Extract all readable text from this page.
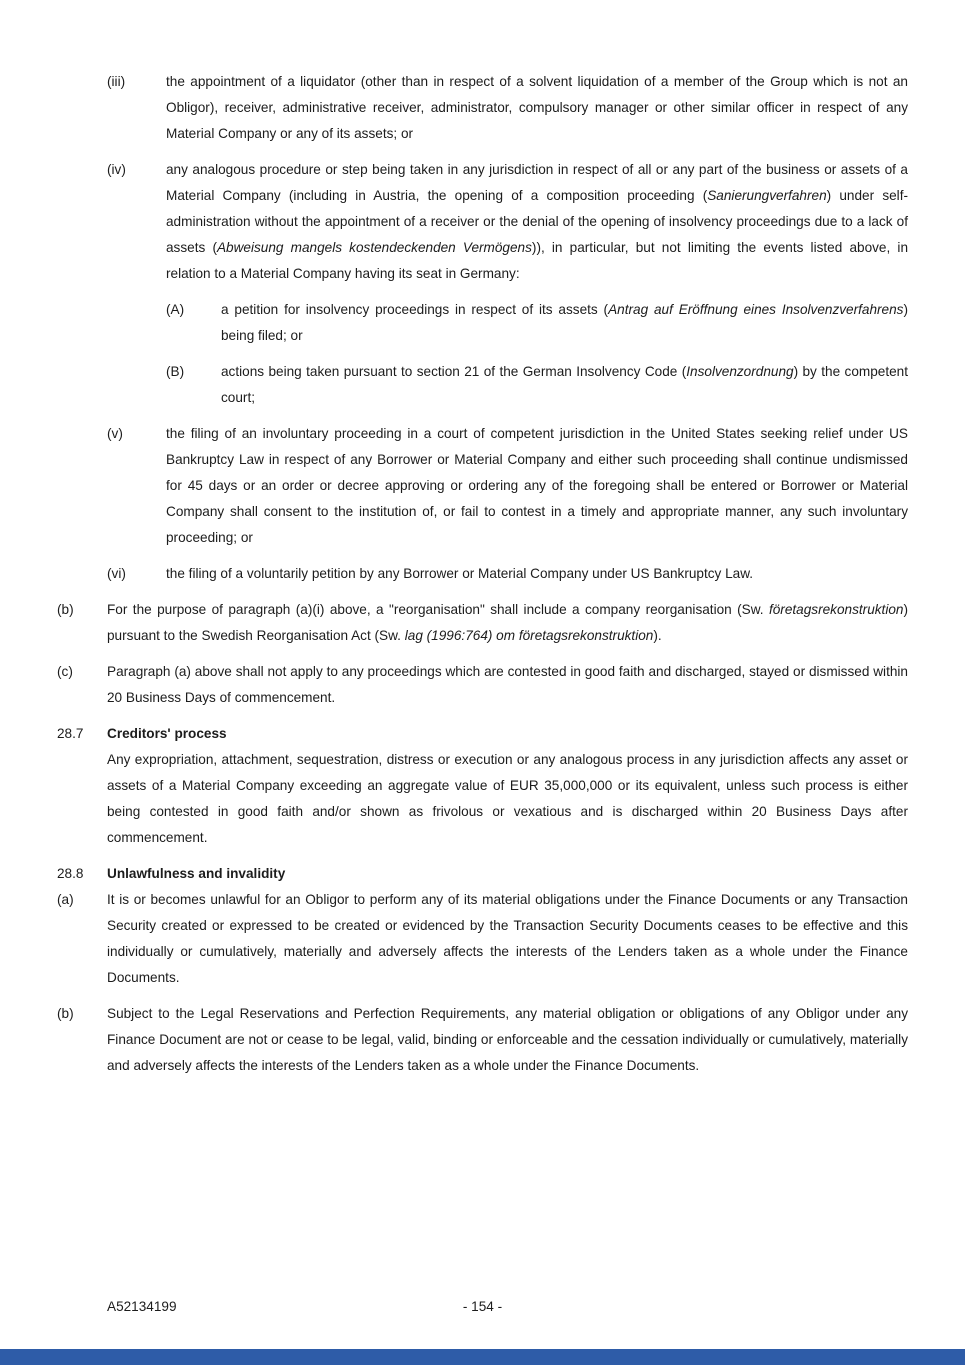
(iii)	the appointment of a liquidator (other than in respect of a solvent liquidation of a member of the Group which is not an Obligor), receiver, administrative receiver, administrator, compulsory manager or other similar officer in respect of any Material Company or any of its assets; or
(iv)	any analogous procedure or step being taken in any jurisdiction in respect of all or any part of the business or assets of a Material Company (including in Austria, the opening of a composition proceeding (Sanierungverfahren) under self-administration without the appointment of a receiver or the denial of the opening of insolvency proceedings due to a lack of assets (Abweisung mangels kostendeckenden Vermögens)), in particular, but not limiting the events listed above, in relation to a Material Company having its seat in Germany:
(A)	a petition for insolvency proceedings in respect of its assets (Antrag auf Eröffnung eines Insolvenzverfahrens) being filed; or
(B)	actions being taken pursuant to section 21 of the German Insolvency Code (Insolvenzordnung) by the competent court;
(v)	the filing of an involuntary proceeding in a court of competent jurisdiction in the United States seeking relief under US Bankruptcy Law in respect of any Borrower or Material Company and either such proceeding shall continue undismissed for 45 days or an order or decree approving or ordering any of the foregoing shall be entered or Borrower or Material Company shall consent to the institution of, or fail to contest in a timely and appropriate manner, any such involuntary proceeding; or
(vi)	the filing of a voluntarily petition by any Borrower or Material Company under US Bankruptcy Law.
(b)	For the purpose of paragraph (a)(i) above, a "reorganisation" shall include a company reorganisation (Sw. företagsrekonstruktion) pursuant to the Swedish Reorganisation Act (Sw. lag (1996:764) om företagsrekonstruktion).
(c)	Paragraph (a) above shall not apply to any proceedings which are contested in good faith and discharged, stayed or dismissed within 20 Business Days of commencement.
28.7	Creditors' process
Any expropriation, attachment, sequestration, distress or execution or any analogous process in any jurisdiction affects any asset or assets of a Material Company exceeding an aggregate value of EUR 35,000,000 or its equivalent, unless such process is either being contested in good faith and/or shown as frivolous or vexatious and is discharged within 20 Business Days after commencement.
28.8	Unlawfulness and invalidity
(a)	It is or becomes unlawful for an Obligor to perform any of its material obligations under the Finance Documents or any Transaction Security created or expressed to be created or evidenced by the Transaction Security Documents ceases to be effective and this individually or cumulatively, materially and adversely affects the interests of the Lenders taken as a whole under the Finance Documents.
(b)	Subject to the Legal Reservations and Perfection Requirements, any material obligation or obligations of any Obligor under any Finance Document are not or cease to be legal, valid, binding or enforceable and the cessation individually or cumulatively, materially and adversely affects the interests of the Lenders taken as a whole under the Finance Documents.
A52134199	- 154 -
